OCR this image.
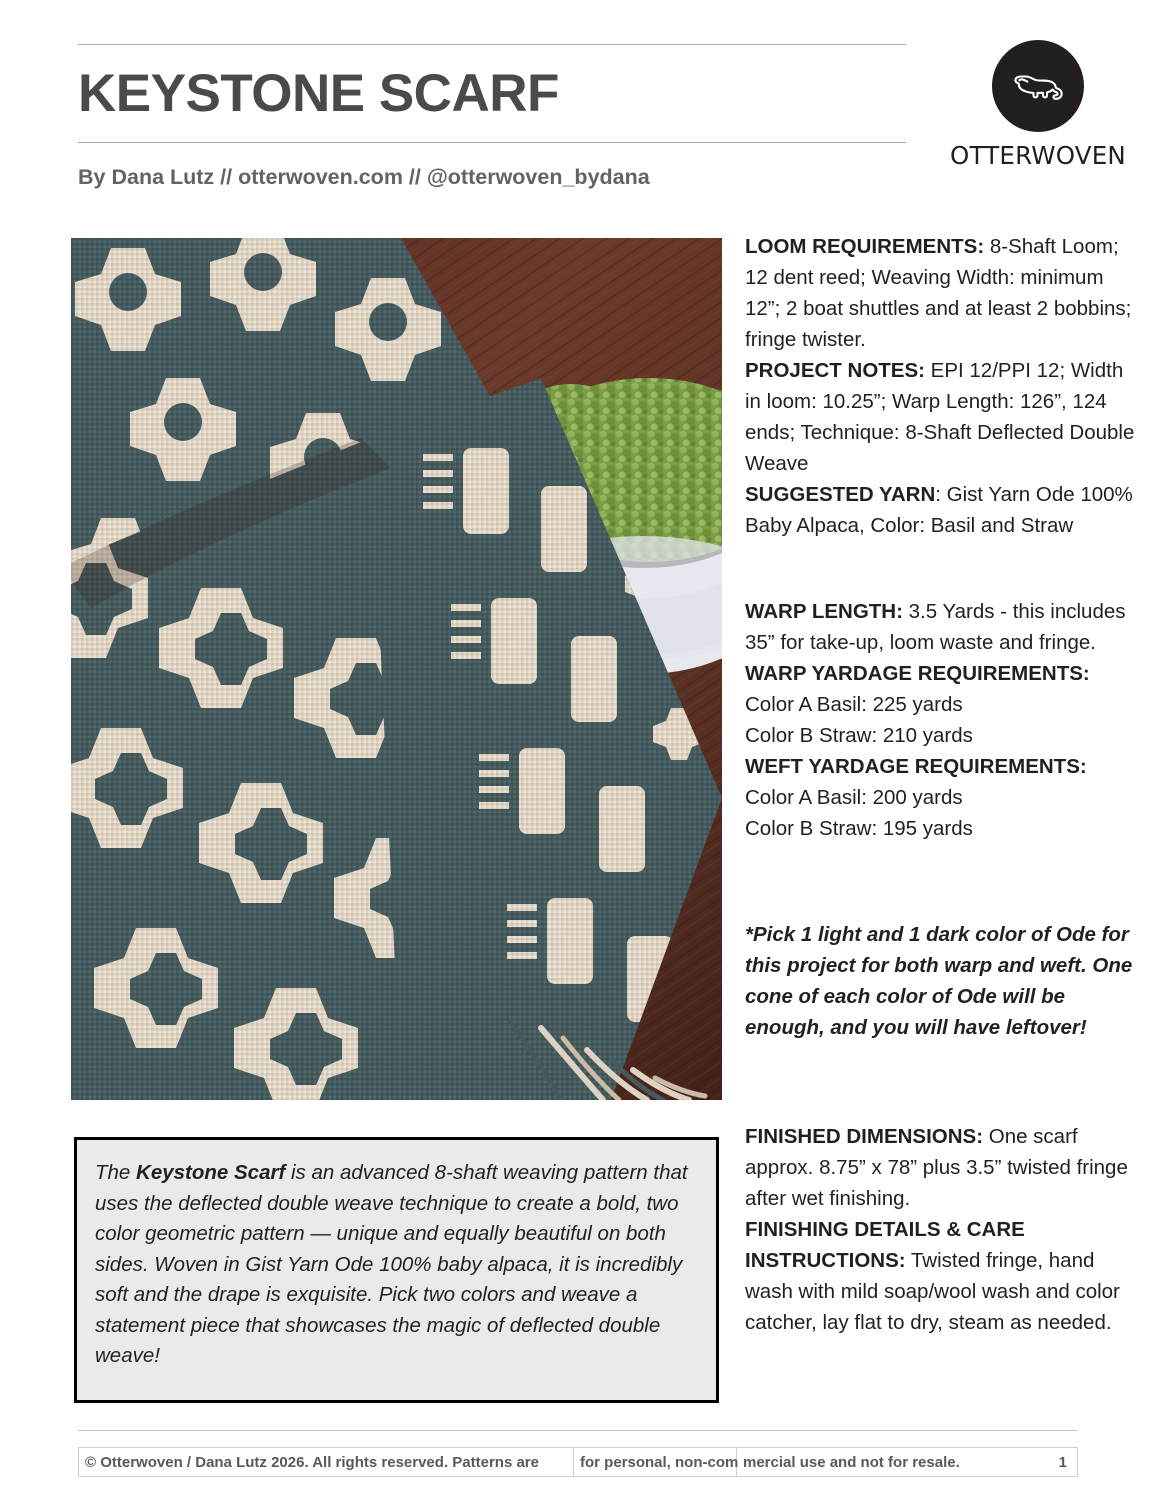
KEYSTONE SCARF
By Dana Lutz // otterwoven.com // @otterwoven_bydana
OTTERWOVEN

The Keystone Scarf is an advanced 8-shaft weaving pattern that uses the deflected double weave technique to create a bold, two color geometric pattern — unique and equally beautiful on both sides. Woven in Gist Yarn Ode 100% baby alpaca, it is incredibly soft and the drape is exquisite. Pick two colors and weave a statement piece that showcases the magic of deflected double weave!

LOOM REQUIREMENTS: 8-Shaft Loom; 12 dent reed; Weaving Width: minimum 12”; 2 boat shuttles and at least 2 bobbins; fringe twister.

PROJECT NOTES: EPI 12/PPI 12; Width in loom: 10.25”; Warp Length: 126”, 124 ends; Technique: 8-Shaft Deflected Double Weave

SUGGESTED YARN: Gist Yarn Ode 100% Baby Alpaca, Color: Basil and Straw

WARP LENGTH: 3.5 Yards - this includes 35” for take-up, loom waste and fringe.

WARP YARDAGE REQUIREMENTS:

Color A Basil: 225 yards

Color B Straw: 210 yards

WEFT YARDAGE REQUIREMENTS:

Color A Basil: 200 yards

Color B Straw: 195 yards

*Pick 1 light and 1 dark color of Ode for this project for both warp and weft. One cone of each color of Ode will be enough, and you will have leftover!

FINISHED DIMENSIONS: One scarf approx. 8.75” x 78” plus 3.5” twisted fringe after wet finishing.

FINISHING DETAILS & CARE INSTRUCTIONS: Twisted fringe, hand wash with mild soap/wool wash and color catcher, lay flat to dry, steam as needed.

© Otterwoven / Dana Lutz 2026. All rights reserved. Patterns are	for personal, non-com mercial use and not for resale.	1
